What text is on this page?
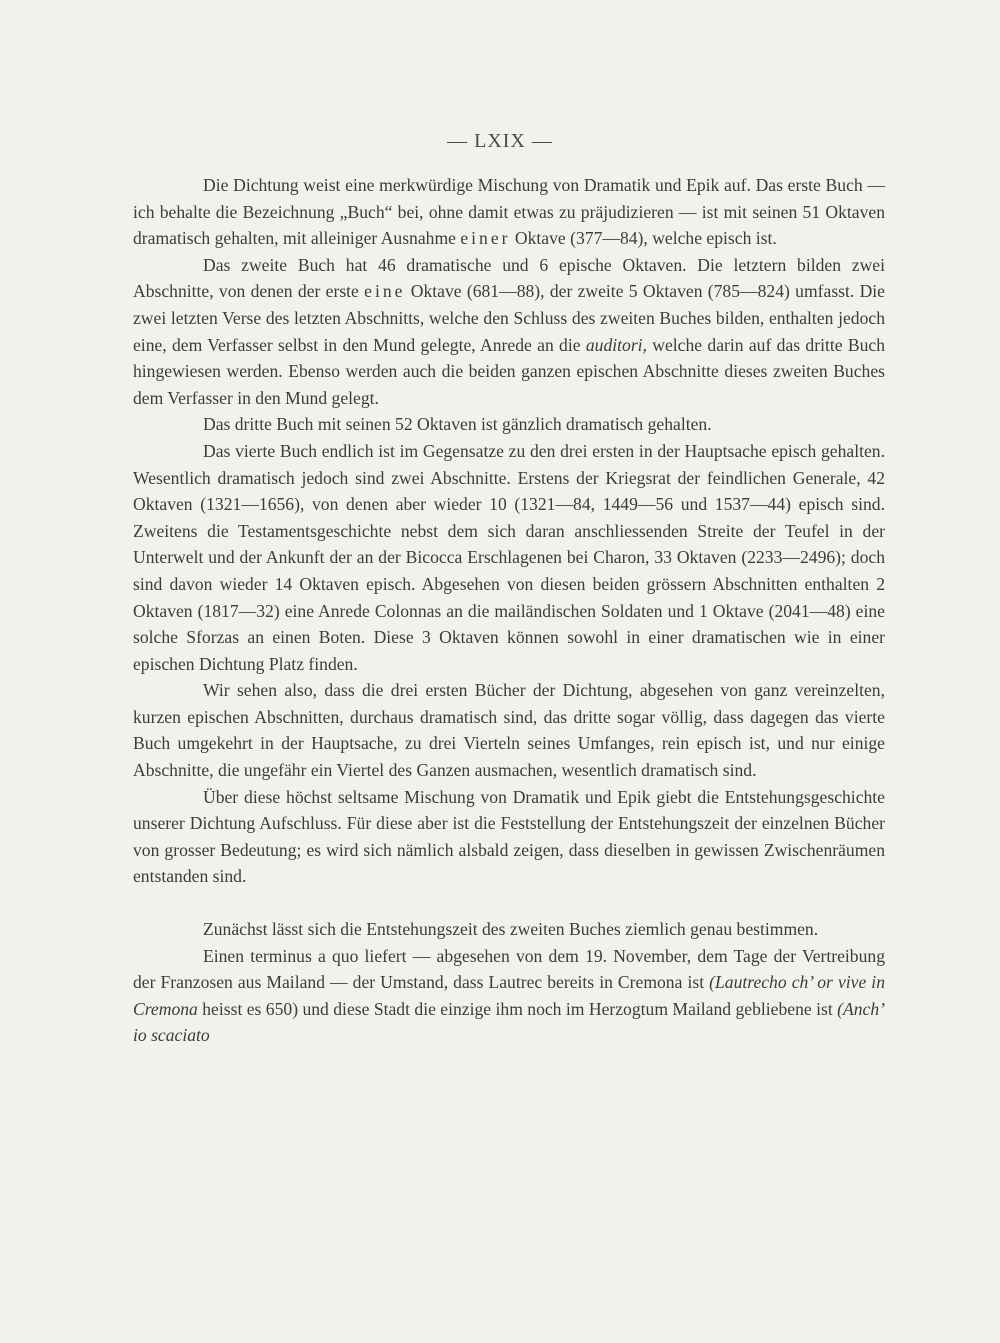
— LXIX —

Die Dichtung weist eine merkwürdige Mischung von Dramatik und Epik auf. Das erste Buch — ich behalte die Bezeichnung „Buch“ bei, ohne damit etwas zu präjudizieren — ist mit seinen 51 Oktaven dramatisch gehalten, mit alleiniger Ausnahme einer Oktave (377—84), welche episch ist.

Das zweite Buch hat 46 dramatische und 6 epische Oktaven. Die letztern bilden zwei Abschnitte, von denen der erste eine Oktave (681—88), der zweite 5 Oktaven (785—824) umfasst. Die zwei letzten Verse des letzten Abschnitts, welche den Schluss des zweiten Buches bilden, enthalten jedoch eine, dem Verfasser selbst in den Mund gelegte, Anrede an die auditori, welche darin auf das dritte Buch hingewiesen werden. Ebenso werden auch die beiden ganzen epischen Abschnitte dieses zweiten Buches dem Verfasser in den Mund gelegt.

Das dritte Buch mit seinen 52 Oktaven ist gänzlich dramatisch gehalten.

Das vierte Buch endlich ist im Gegensatze zu den drei ersten in der Hauptsache episch gehalten. Wesentlich dramatisch jedoch sind zwei Abschnitte. Erstens der Kriegsrat der feindlichen Generale, 42 Oktaven (1321—1656), von denen aber wieder 10 (1321—84, 1449—56 und 1537—44) episch sind. Zweitens die Testamentsgeschichte nebst dem sich daran anschliessenden Streite der Teufel in der Unterwelt und der Ankunft der an der Bicocca Erschlagenen bei Charon, 33 Oktaven (2233—2496); doch sind davon wieder 14 Oktaven episch. Abgesehen von diesen beiden grössern Abschnitten enthalten 2 Oktaven (1817—32) eine Anrede Colonnas an die mailändischen Soldaten und 1 Oktave (2041—48) eine solche Sforzas an einen Boten. Diese 3 Oktaven können sowohl in einer dramatischen wie in einer epischen Dichtung Platz finden.

Wir sehen also, dass die drei ersten Bücher der Dichtung, abgesehen von ganz vereinzelten, kurzen epischen Abschnitten, durchaus dramatisch sind, das dritte sogar völlig, dass dagegen das vierte Buch umgekehrt in der Hauptsache, zu drei Vierteln seines Umfanges, rein episch ist, und nur einige Abschnitte, die ungefähr ein Viertel des Ganzen ausmachen, wesentlich dramatisch sind.

Über diese höchst seltsame Mischung von Dramatik und Epik giebt die Entstehungsgeschichte unserer Dichtung Aufschluss. Für diese aber ist die Feststellung der Entstehungszeit der einzelnen Bücher von grosser Bedeutung; es wird sich nämlich alsbald zeigen, dass dieselben in gewissen Zwischenräumen entstanden sind.

Zunächst lässt sich die Entstehungszeit des zweiten Buches ziemlich genau bestimmen.

Einen terminus a quo liefert — abgesehen von dem 19. November, dem Tage der Vertreibung der Franzosen aus Mailand — der Umstand, dass Lautrec bereits in Cremona ist (Lautrecho ch’ or vive in Cremona heisst es 650) und diese Stadt die einzige ihm noch im Herzogtum Mailand gebliebene ist (Anch’ io scaciato
